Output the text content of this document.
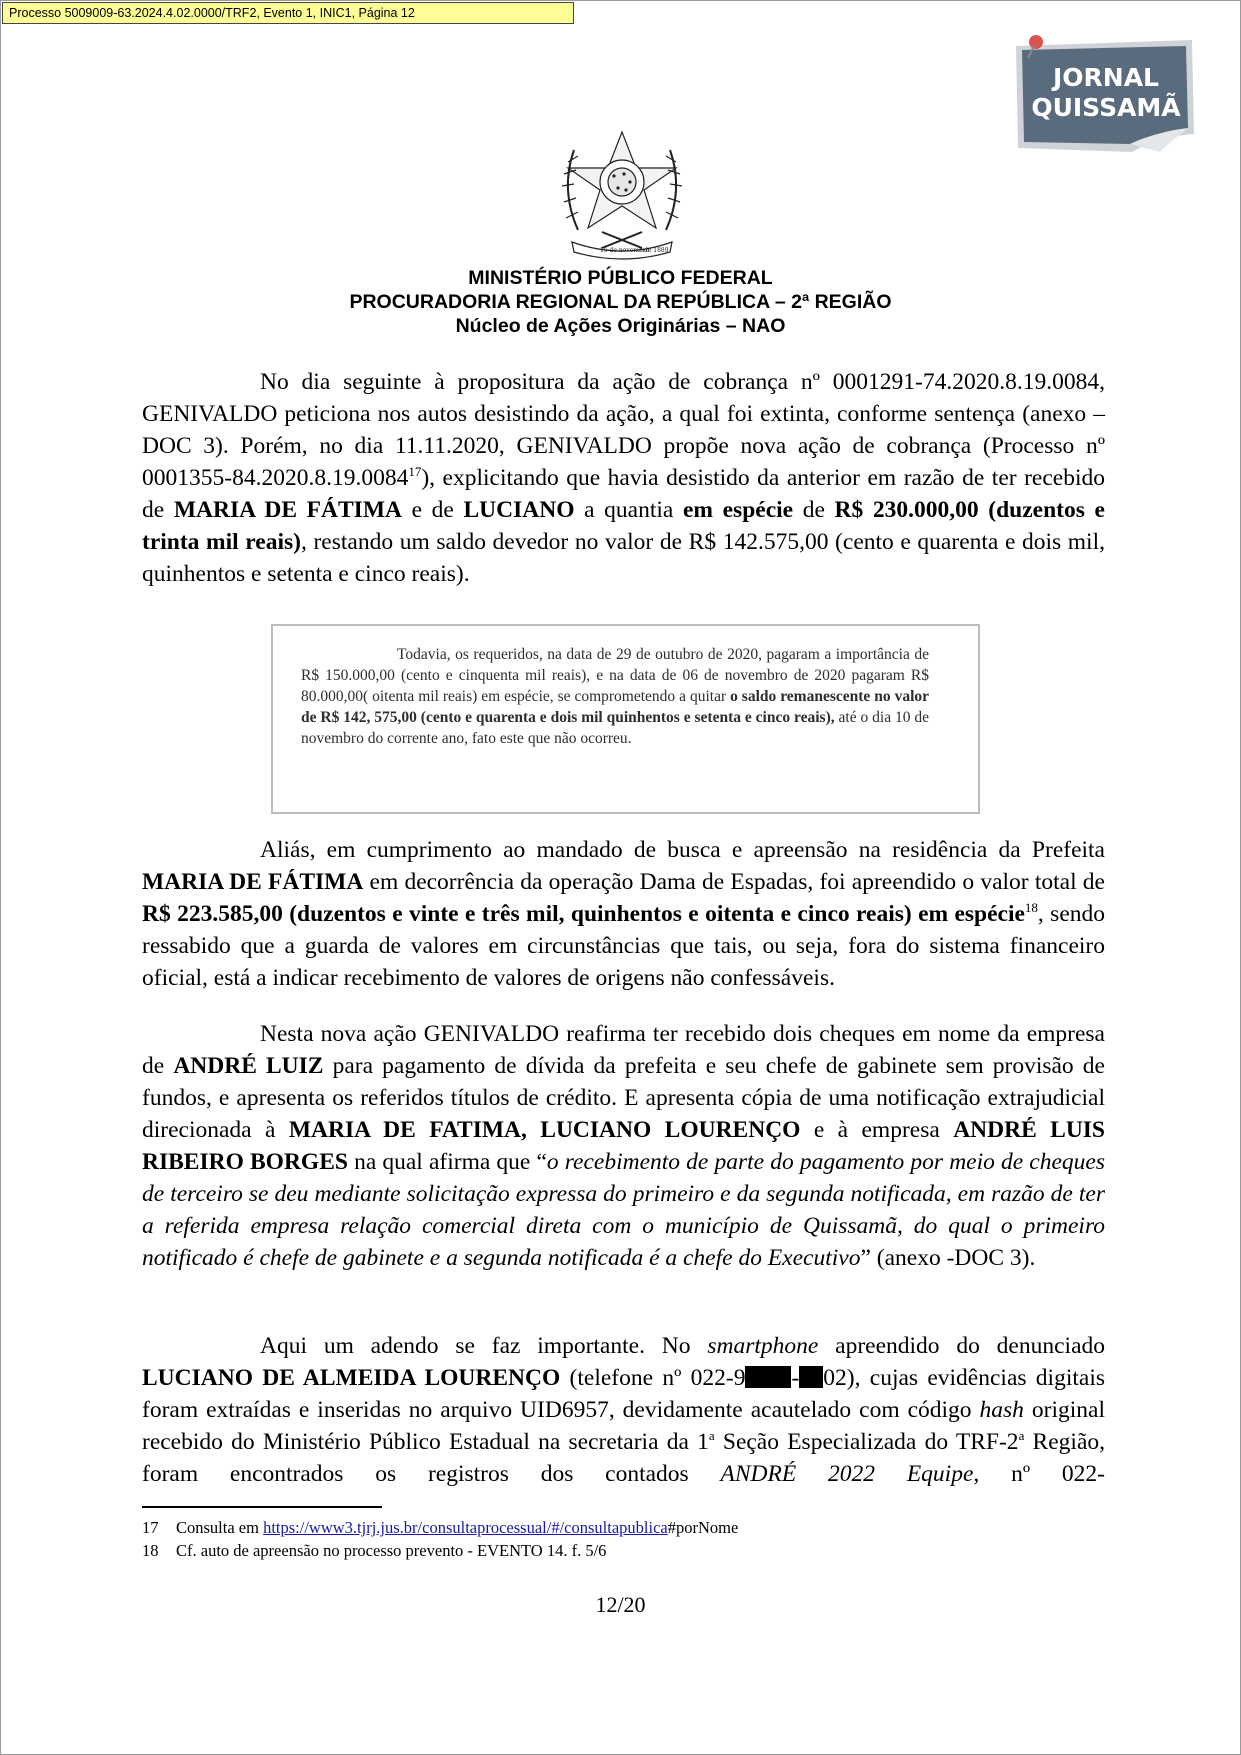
Processo 5009009-63.2024.4.02.0000/TRF2, Evento 1, INIC1, Página 12
JORNAL
QUISSAMÃ
15 de novembro
de 1889
MINISTÉRIO PÚBLICO FEDERAL
PROCURADORIA REGIONAL DA REPÚBLICA – 2ª REGIÃO
Núcleo de Ações Originárias – NAO

No dia seguinte à propositura da ação de cobrança nº 0001291-74.2020.8.19.0084, GENIVALDO peticiona nos autos desistindo da ação, a qual foi extinta, conforme sentença (anexo – DOC 3). Porém, no dia 11.11.2020, GENIVALDO propõe nova ação de cobrança (Processo nº 0001355-84.2020.8.19.0084$^{17}$), explicitando que havia desistido da anterior em razão de ter recebido de MARIA DE FÁTIMA e de LUCIANO a quantia em espécie de R$ 230.000,00 (duzentos e trinta mil reais), restando um saldo devedor no valor de R$ 142.575,00 (cento e quarenta e dois mil, quinhentos e setenta e cinco reais).

Todavia, os requeridos, na data de 29 de outubro de 2020, pagaram a importância de R$ 150.000,00 (cento e cinquenta mil reais), e na data de 06 de novembro de 2020 pagaram R$ 80.000,00( oitenta mil reais) em espécie, se comprometendo a quitar o saldo remanescente no valor de R$ 142, 575,00 (cento e quarenta e dois mil quinhentos e setenta e cinco reais), até o dia 10 de novembro do corrente ano, fato este que não ocorreu.

Aliás, em cumprimento ao mandado de busca e apreensão na residência da Prefeita MARIA DE FÁTIMA em decorrência da operação Dama de Espadas, foi apreendido o valor total de R$ 223.585,00 (duzentos e vinte e três mil, quinhentos e oitenta e cinco reais) em espécie$^{18}$, sendo ressabido que a guarda de valores em circunstâncias que tais, ou seja, fora do sistema financeiro oficial, está a indicar recebimento de valores de origens não confessáveis.

Nesta nova ação GENIVALDO reafirma ter recebido dois cheques em nome da empresa de ANDRÉ LUIZ para pagamento de dívida da prefeita e seu chefe de gabinete sem provisão de fundos, e apresenta os referidos títulos de crédito. E apresenta cópia de uma notificação extrajudicial direcionada à MARIA DE FATIMA, LUCIANO LOURENÇO e à empresa ANDRÉ LUIS RIBEIRO BORGES na qual afirma que “o recebimento de parte do pagamento por meio de cheques de terceiro se deu mediante solicitação expressa do primeiro e da segunda notificada, em razão de ter a referida empresa relação comercial direta com o município de Quissamã, do qual o primeiro notificado é chefe de gabinete e a segunda notificada é a chefe do Executivo” (anexo -DOC 3).

Aqui um adendo se faz importante. No smartphone apreendido do denunciado LUCIANO DE ALMEIDA LOURENÇO (telefone nº 022-9 - 02), cujas evidências digitais foram extraídas e inseridas no arquivo UID6957, devidamente acautelado com código hash original recebido do Ministério Público Estadual na secretaria da 1$^a$ Seção Especializada do TRF-2$^a$ Região, foram encontrados os registros dos contados ANDRÉ 2022 Equipe, nº 022-

17 Consulta em https://www3.tjrj.jus.br/consultaprocessual/#/consultapublica#porNome
18 Cf. auto de apreensão no processo prevento - EVENTO 14. f. 5/6
12/20
